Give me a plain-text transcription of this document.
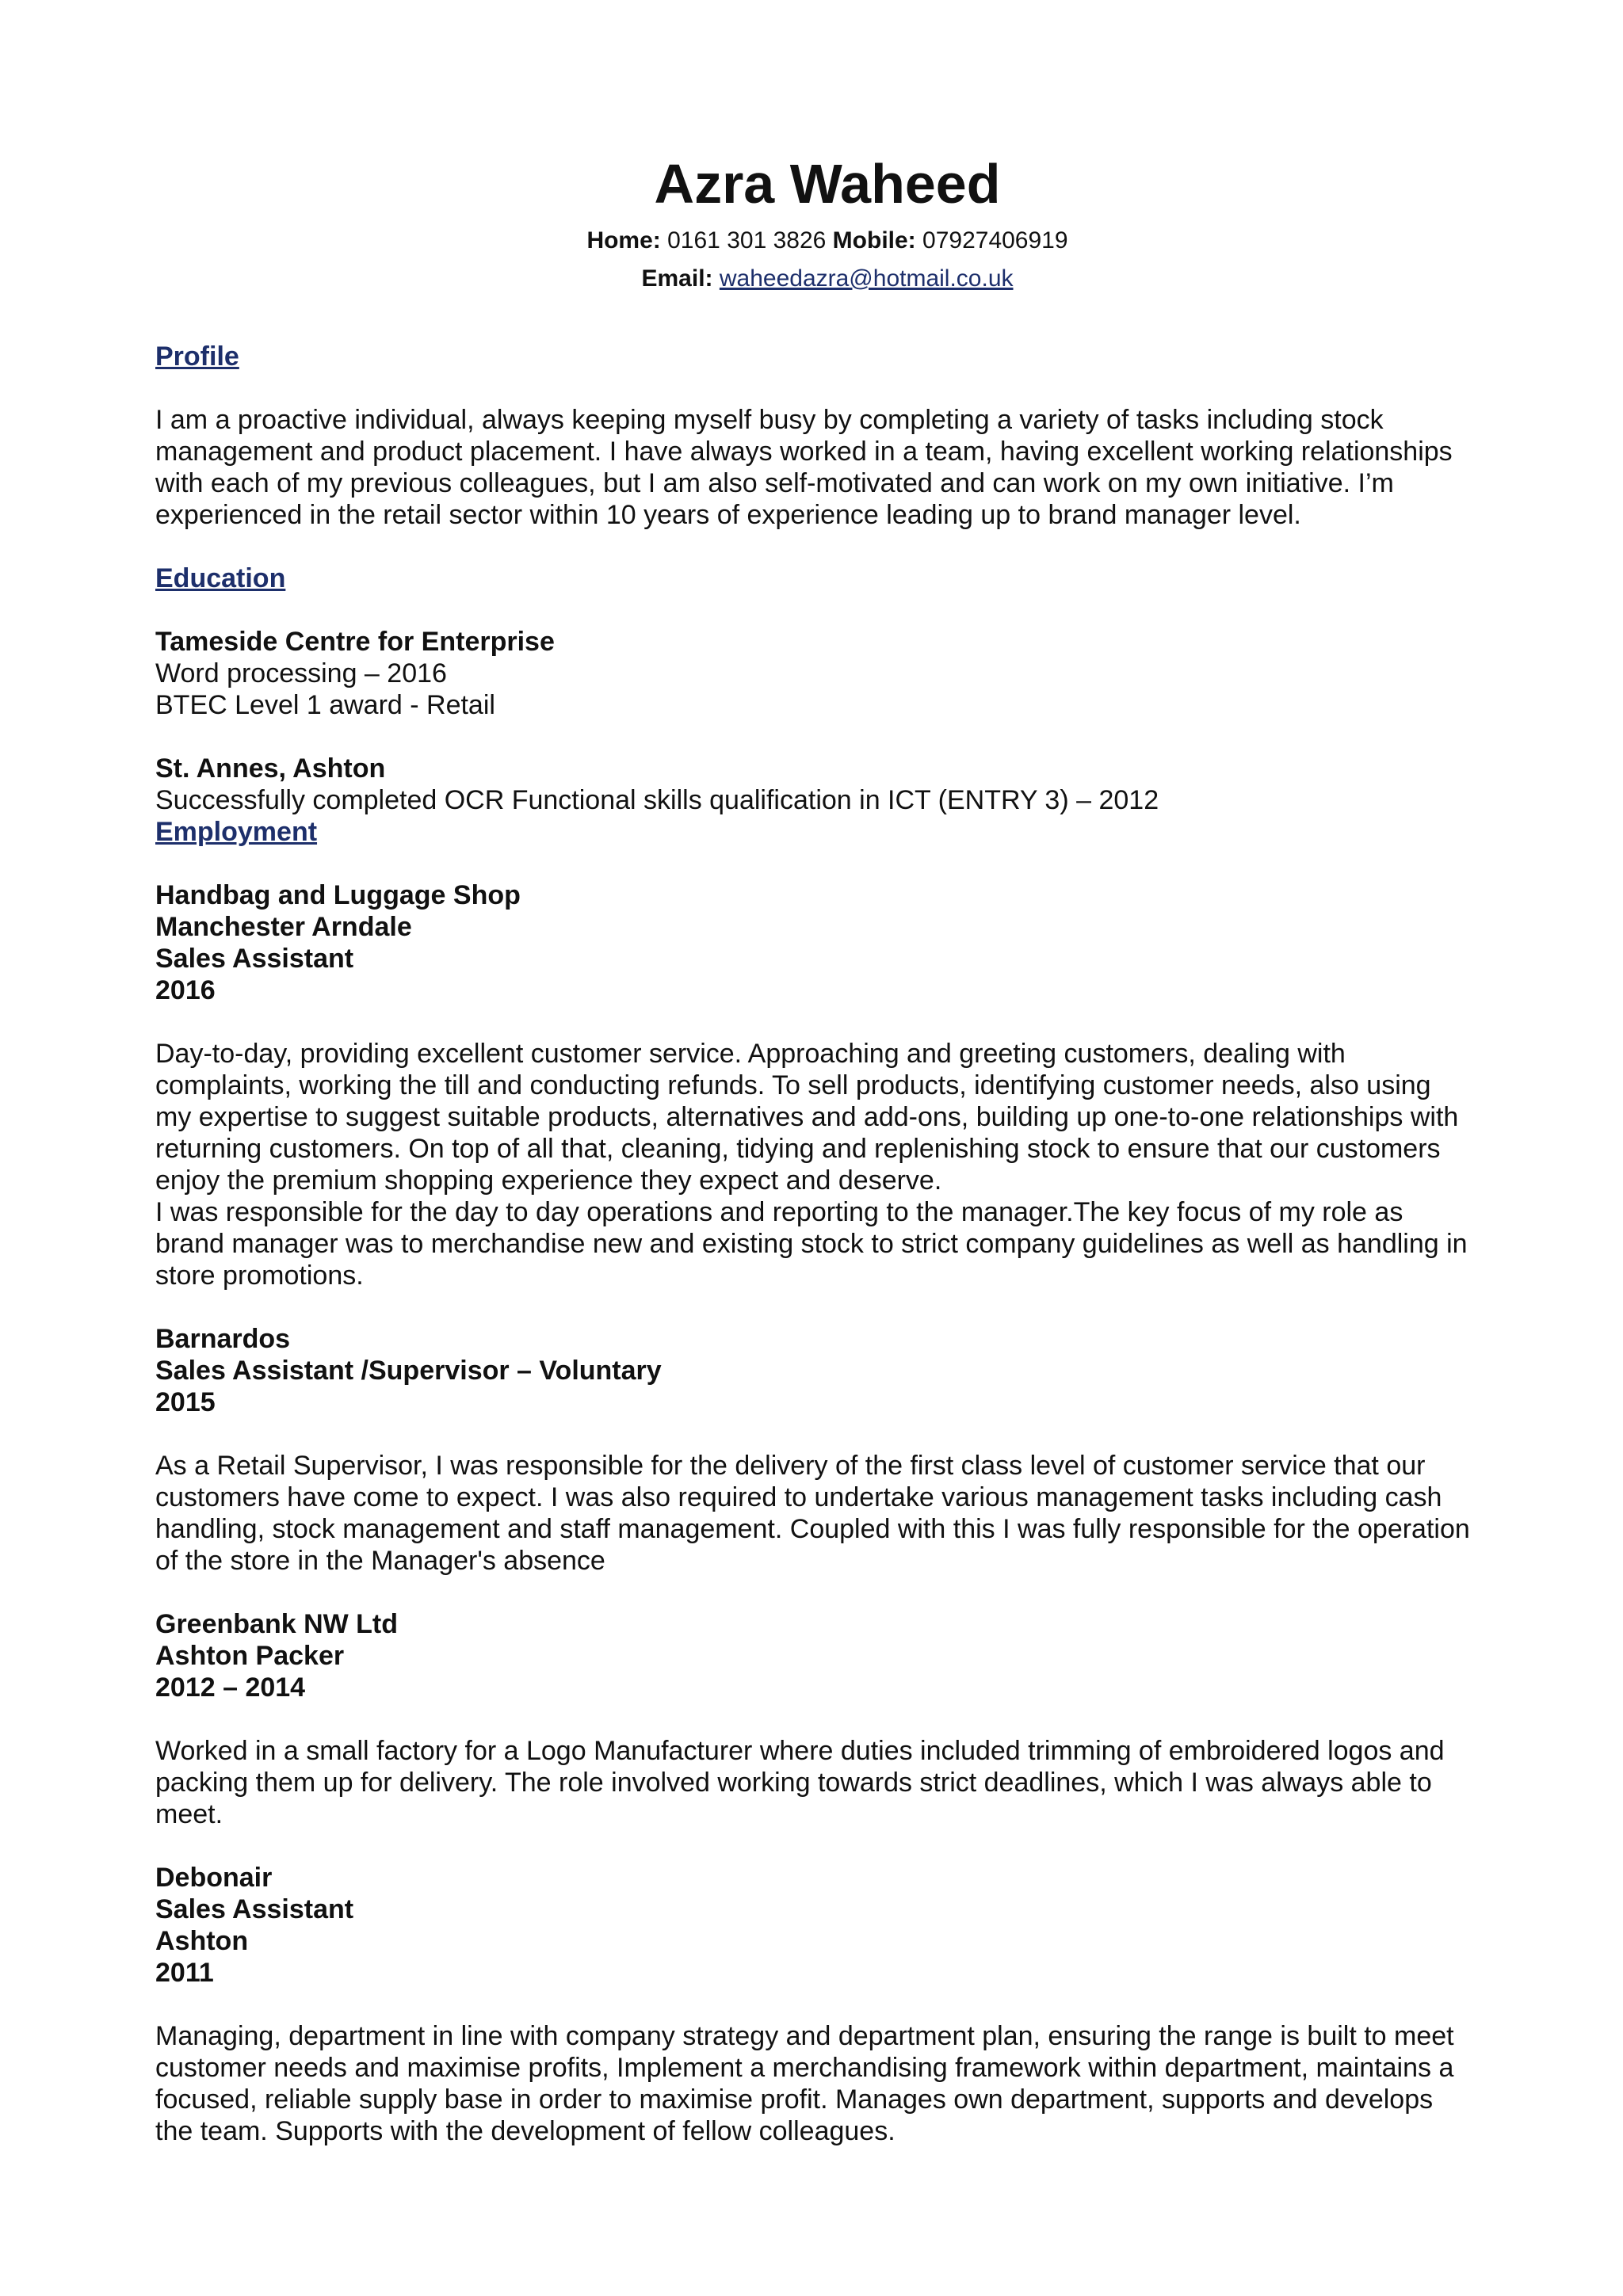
Azra Waheed
Home: 0161 301 3826 Mobile: 07927406919
Email: waheedazra@hotmail.co.uk
Profile

I am a proactive individual, always keeping myself busy by completing a variety of tasks including stock management and product placement. I have always worked in a team, having excellent working relationships with each of my previous colleagues, but I am also self-motivated and can work on my own initiative. I’m experienced in the retail sector within 10 years of experience leading up to brand manager level.

Education
Tameside Centre for Enterprise
Word processing – 2016
BTEC Level 1 award - Retail
St. Annes, Ashton
Successfully completed OCR Functional skills qualification in ICT (ENTRY 3) – 2012
Employment
Handbag and Luggage Shop
Manchester Arndale
Sales Assistant
2016

Day-to-day, providing excellent customer service. Approaching and greeting customers, dealing with complaints, working the till and conducting refunds. To sell products, identifying customer needs, also using my expertise to suggest suitable products, alternatives and add-ons, building up one-to-one relationships with returning customers. On top of all that, cleaning, tidying and replenishing stock to ensure that our customers enjoy the premium shopping experience they expect and deserve.

I was responsible for the day to day operations and reporting to the manager.The key focus of my role as brand manager was to merchandise new and existing stock to strict company guidelines as well as handling in store promotions.

Barnardos
Sales Assistant /Supervisor – Voluntary
2015

As a Retail Supervisor, I was responsible for the delivery of the first class level of customer service that our customers have come to expect. I was also required to undertake various management tasks including cash handling, stock management and staff management. Coupled with this I was fully responsible for the operation of the store in the Manager's absence

Greenbank NW Ltd
Ashton Packer
2012 – 2014

Worked in a small factory for a Logo Manufacturer where duties included trimming of embroidered logos and packing them up for delivery. The role involved working towards strict deadlines, which I was always able to meet.

Debonair
Sales Assistant
Ashton
2011

Managing, department in line with company strategy and department plan, ensuring the range is built to meet customer needs and maximise profits, Implement a merchandising framework within department, maintains a focused, reliable supply base in order to maximise profit. Manages own department, supports and develops the team. Supports with the development of fellow colleagues.
